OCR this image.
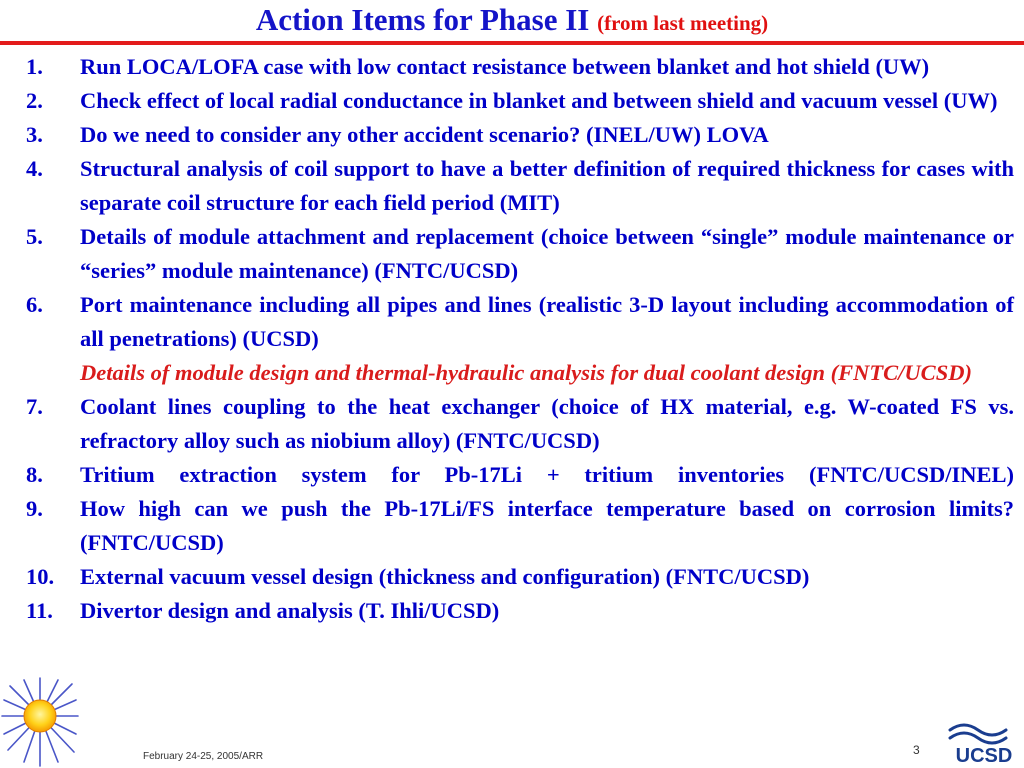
Action Items for Phase II (from last meeting)
1.	Run LOCA/LOFA case with low contact resistance between blanket and hot shield (UW)
2.	Check effect of local radial conductance in blanket and between shield and vacuum vessel (UW)
3.	Do we need to consider any other accident scenario? (INEL/UW) LOVA
4.	Structural analysis of coil support to have a better definition of required thickness for cases with separate coil structure for each field period (MIT)
5.	Details of module attachment and replacement (choice between “single” module maintenance or “series” module maintenance) (FNTC/UCSD)
6.	Port maintenance including all pipes and lines (realistic 3-D layout including accommodation of all penetrations) (UCSD)
Details of module design and thermal-hydraulic analysis for dual coolant design (FNTC/UCSD)
7.	Coolant lines coupling to the heat exchanger (choice of HX material, e.g. W-coated FS vs. refractory alloy such as niobium alloy) (FNTC/UCSD)
8.	Tritium extraction system for Pb-17Li + tritium inventories (FNTC/UCSD/INEL)
9.	How high can we push the Pb-17Li/FS interface temperature based on corrosion limits? (FNTC/UCSD)
10.	External vacuum vessel design (thickness and configuration) (FNTC/UCSD)
11.	Divertor design and analysis (T. Ihli/UCSD)
February 24-25, 2005/ARR	3	UCSD
